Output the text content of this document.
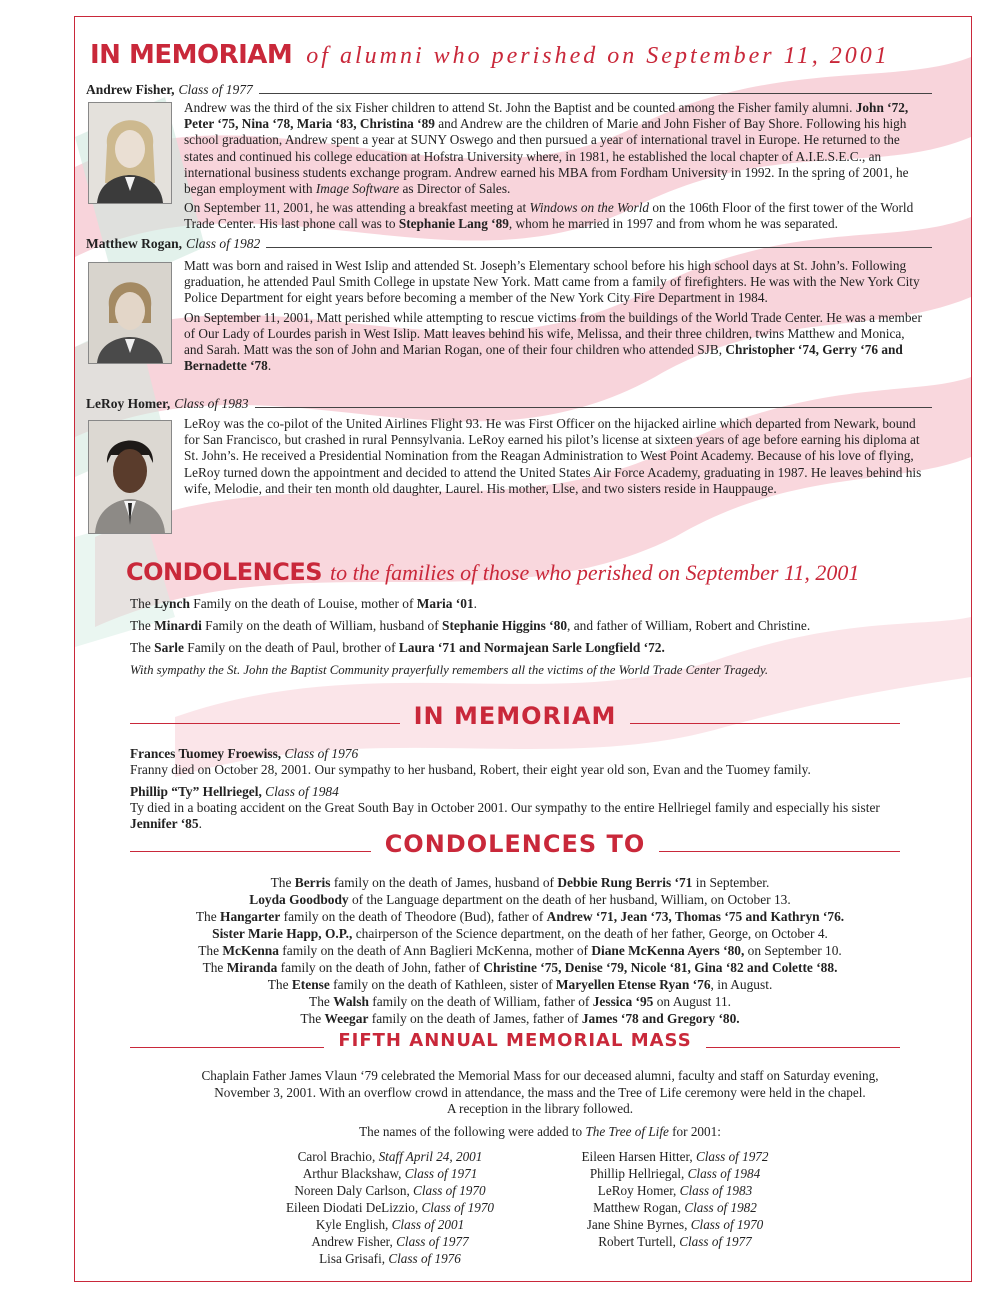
IN MEMORIAM of alumni who perished on September 11, 2001
Andrew Fisher, Class of 1977

Andrew was the third of the six Fisher children to attend St. John the Baptist and be counted among the Fisher family alumni. John ‘72, Peter ‘75, Nina ‘78, Maria ‘83, Christina ‘89 and Andrew are the children of Marie and John Fisher of Bay Shore. Following his high school graduation, Andrew spent a year at SUNY Oswego and then pursued a year of international travel in Europe. He returned to the states and continued his college education at Hofstra University where, in 1981, he established the local chapter of A.I.E.S.E.C., an international business students exchange program. Andrew earned his MBA from Fordham University in 1992. In the spring of 2001, he began employment with Image Software as Director of Sales.

On September 11, 2001, he was attending a breakfast meeting at Windows on the World on the 106th Floor of the first tower of the World Trade Center. His last phone call was to Stephanie Lang ‘89, whom he married in 1997 and from whom he was separated.

Matthew Rogan, Class of 1982

Matt was born and raised in West Islip and attended St. Joseph’s Elementary school before his high school days at St. John’s. Following graduation, he attended Paul Smith College in upstate New York. Matt came from a family of firefighters. He was with the New York City Police Department for eight years before becoming a member of the New York City Fire Department in 1984.

On September 11, 2001, Matt perished while attempting to rescue victims from the buildings of the World Trade Center. He was a member of Our Lady of Lourdes parish in West Islip. Matt leaves behind his wife, Melissa, and their three children, twins Matthew and Monica, and Sarah. Matt was the son of John and Marian Rogan, one of their four children who attended SJB, Christopher ‘74, Gerry ‘76 and Bernadette ‘78.

LeRoy Homer, Class of 1983

LeRoy was the co-pilot of the United Airlines Flight 93. He was First Officer on the hijacked airline which departed from Newark, bound for San Francisco, but crashed in rural Pennsylvania. LeRoy earned his pilot’s license at sixteen years of age before earning his diploma at St. John’s. He received a Presidential Nomination from the Reagan Administration to West Point Academy. Because of his love of flying, LeRoy turned down the appointment and decided to attend the United States Air Force Academy, graduating in 1987. He leaves behind his wife, Melodie, and their ten month old daughter, Laurel. His mother, Llse, and two sisters reside in Hauppauge.

CONDOLENCES to the families of those who perished on September 11, 2001

The Lynch Family on the death of Louise, mother of Maria ‘01.

The Minardi Family on the death of William, husband of Stephanie Higgins ‘80, and father of William, Robert and Christine.

The Sarle Family on the death of Paul, brother of Laura ‘71 and Normajean Sarle Longfield ‘72.

With sympathy the St. John the Baptist Community prayerfully remembers all the victims of the World Trade Center Tragedy.

IN MEMORIAM
Frances Tuomey Froewiss, Class of 1976
Franny died on October 28, 2001. Our sympathy to her husband, Robert, their eight year old son, Evan and the Tuomey family.
Phillip “Ty” Hellriegel, Class of 1984
Ty died in a boating accident on the Great South Bay in October 2001. Our sympathy to the entire Hellriegel family and especially his sister Jennifer ‘85.
CONDOLENCES TO
The Berris family on the death of James, husband of Debbie Rung Berris ‘71 in September.
Loyda Goodbody of the Language department on the death of her husband, William, on October 13.
The Hangarter family on the death of Theodore (Bud), father of Andrew ‘71, Jean ‘73, Thomas ‘75 and Kathryn ‘76.
Sister Marie Happ, O.P., chairperson of the Science department, on the death of her father, George, on October 4.
The McKenna family on the death of Ann Baglieri McKenna, mother of Diane McKenna Ayers ‘80, on September 10.
The Miranda family on the death of John, father of Christine ‘75, Denise ‘79, Nicole ‘81, Gina ‘82 and Colette ‘88.
The Etense family on the death of Kathleen, sister of Maryellen Etense Ryan ‘76, in August.
The Walsh family on the death of William, father of Jessica ‘95 on August 11.
The Weegar family on the death of James, father of James ‘78 and Gregory ‘80.
FIFTH ANNUAL MEMORIAL MASS
Chaplain Father James Vlaun ‘79 celebrated the Memorial Mass for our deceased alumni, faculty and staff on Saturday evening,
November 3, 2001. With an overflow crowd in attendance, the mass and the Tree of Life ceremony were held in the chapel.
A reception in the library followed.
The names of the following were added to The Tree of Life for 2001:
Carol Brachio, Staff April 24, 2001
Arthur Blackshaw, Class of 1971
Noreen Daly Carlson, Class of 1970
Eileen Diodati DeLizzio, Class of 1970
Kyle English, Class of 2001
Andrew Fisher, Class of 1977
Lisa Grisafi, Class of 1976
Eileen Harsen Hitter, Class of 1972
Phillip Hellriegal, Class of 1984
LeRoy Homer, Class of 1983
Matthew Rogan, Class of 1982
Jane Shine Byrnes, Class of 1970
Robert Turtell, Class of 1977
